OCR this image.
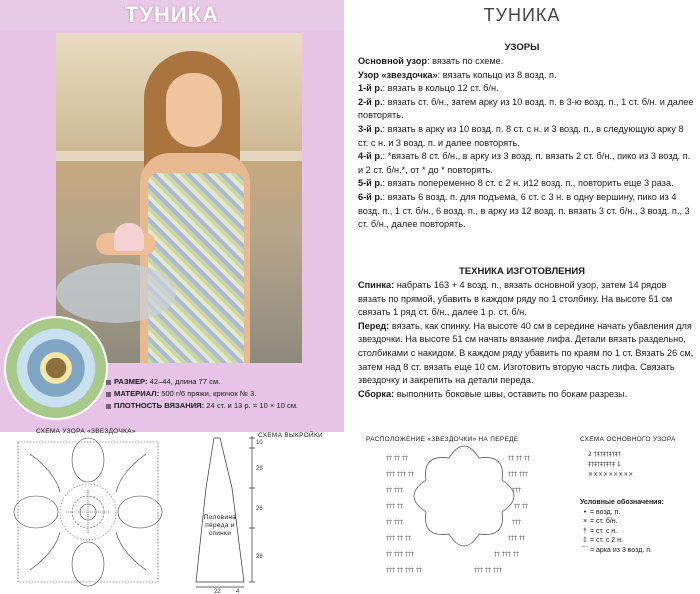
ТУНИКА
РАЗМЕР: 42–44, длина 77 см.
МАТЕРИАЛ: 500 г/6 пряжи, крючок № 3.
ПЛОТНОСТЬ ВЯЗАНИЯ: 24 ст. и 13 р. = 10 × 10 см.
СХЕМА УЗОРА «ЗВЕЗДОЧКА»
СХЕМА ВЫКРОЙКИ
10
29
26
28
22	4
Половина переда и спинки
ТУНИКА
УЗОРЫ

Основной узор: вязать по схеме.

Узор «звездочка»: вязать кольцо из 8 возд. п.

1-й р.: вязать в кольцо 12 ст. б/н.

2-й р.: вязать ст. б/н., затем арку из 10 возд. п. в 3-ю возд. п., 1 ст. б/н. и далее повторять.

3-й р.: вязать в арку из 10 возд. п. 8 ст. с н. и 3 возд. п., в следующую арку 8 ст. с н. и 3 возд. п. и далее повторять.

4-й р.: *вязать 8 ст. б/н., в арку из 3 возд. п. вязать 2 ст. б/н., пико из 3 возд. п. и 2 ст. б/н.*, от * до * повторять.

5-й р.: вязать попеременно 8 ст. с 2 н. и12 возд. п., повторить еще 3 раза.

6-й р.: вязать 6 возд. п. для подъема, 6 ст. с 3 н. в одну вершину, пико из 4 возд. п., 1 ст. б/н., 6 возд. п., в арку из 12 возд. п. вязать 3 ст. б/н., 3 возд. п., 3 ст. б/н., далее повторять.

ТЕХНИКА ИЗГОТОВЛЕНИЯ

Спинка: набрать 163 + 4 возд. п., вязать основной узор, затем 14 рядов вязать по прямой, убавить в каждом ряду по 1 столбику. На высоте 51 см связать 1 ряд ст. б/н., далее 1 р. ст. б/н.

Перед: вязать, как спинку. На высоте 40 см в середине начать убавления для звездочки. На высоте 51 см начать вязание лифа. Детали вязать раздельно, столбиками с накидом. В каждом ряду убавить по краям по 1 ст. Вязать 26 см, затем над 8 ст. вязать еще 10 см. Изготовить вторую часть лифа. Связать звездочку и закрепить на детали переда.

Сборка: выполнить боковые швы, оставить по бокам разрезы.

РАСПОЛОЖЕНИЕ «ЗВЕЗДОЧКИ» НА ПЕРЕДЕ	СХЕМА ОСНОВНОГО УЗОРА
†† †† ††
††† ††† ††
†† †††
††† ††
†† †††
††† †† ††
†† ††† †††
††† †† ††† ††
†† †† ††
††† †††
†††
†† ††
†††
††† ††
†† ††† ††
††† †† †††
2 †‡†‡†‡†‡†
‡†‡†‡†‡†‡ 1
×××××××××
Условные обозначения:
• = возд. п.
× = ст. б/н.
† = ст. с н.
‡ = ст. с 2 н.
⌒ = арка из 3 возд. п.
